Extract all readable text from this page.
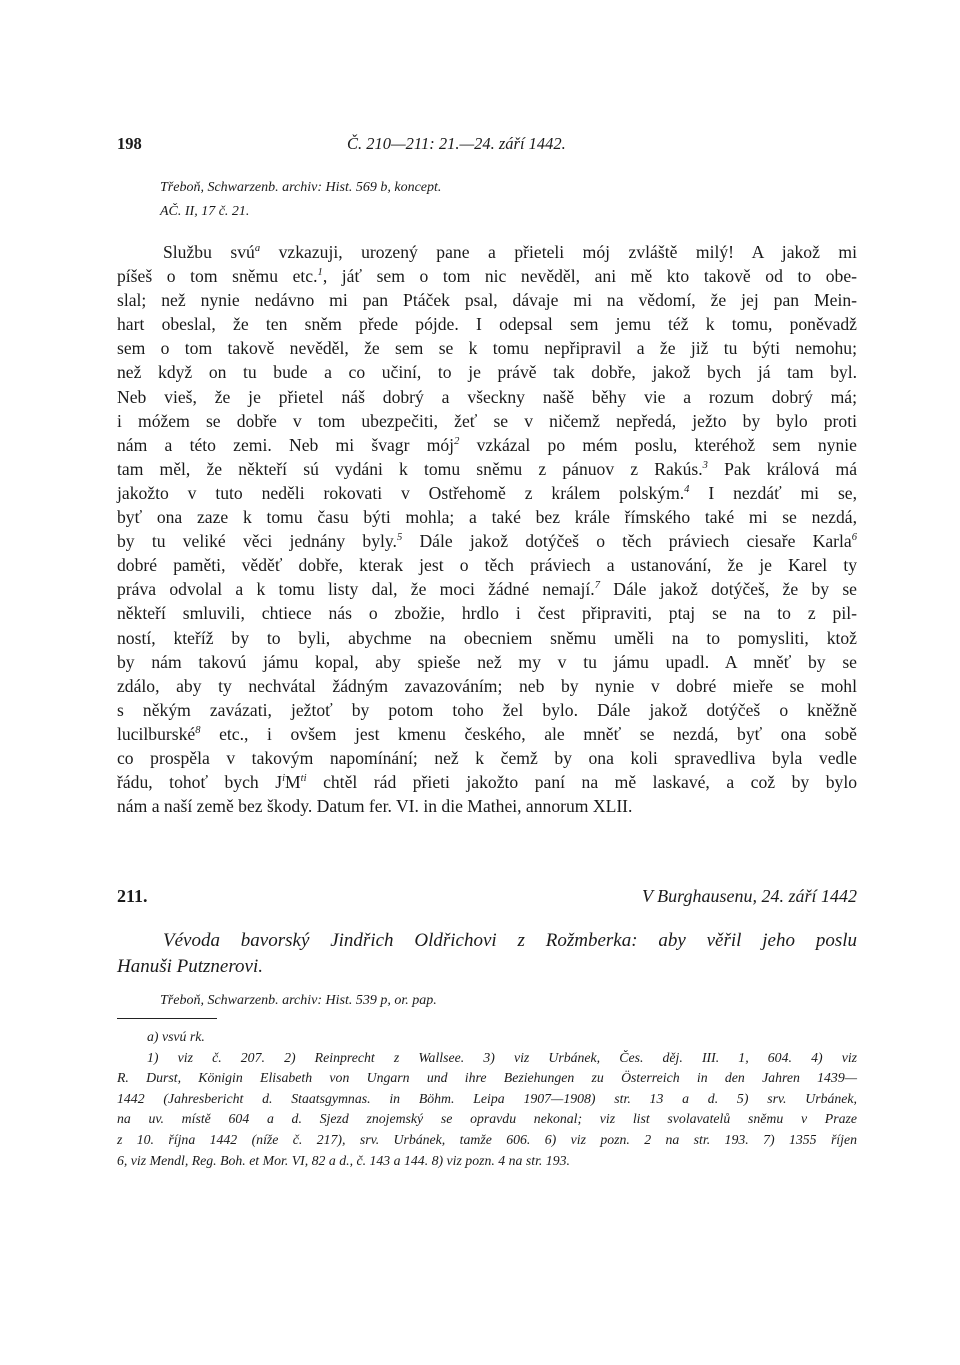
198	Č. 210—211: 21.—24. září 1442.
Třeboň, Schwarzenb. archiv: Hist. 569 b, koncept.
AČ. II, 17 č. 21.
Službu svú$^a$ vzkazuji, urozený pane a přieteli mój zvláště milý! A jakož mi
píšeš o tom sněmu etc.$^1$, jáť sem o tom nic nevěděl, ani mě kto takově od to obe-
slal; než nynie nedávno mi pan Ptáček psal, dávaje mi na vědomí, že jej pan Mein-
hart obeslal, že ten sněm přede pójde. I odepsal sem jemu též k tomu, poněvadž
sem o tom takově nevěděl, že sem se k tomu nepřipravil a že již tu býti nemohu;
než když on tu bude a co učiní, to je právě tak dobře, jakož bych já tam byl.
Neb vieš, že je přietel náš dobrý a všeckny našě běhy vie a rozum dobrý má;
i móžem se dobře v tom ubezpečiti, žeť se v ničemž nepředá, ježto by bylo proti
nám a této zemi. Neb mi švagr mój$^2$ vzkázal po mém poslu, kteréhož sem nynie
tam měl, že někteří sú vydáni k tomu sněmu z pánuov z Rakús.$^3$ Pak králová má
jakožto v tuto neděli rokovati v Ostřehomě z králem polským.$^4$ I nezdáť mi se,
byť ona zaze k tomu času býti mohla; a také bez krále římského také mi se nezdá,
by tu veliké věci jednány byly.$^5$ Dále jakož dotýčeš o těch práviech ciesaře Karla$^6$
dobré paměti, věděť dobře, kterak jest o těch práviech a ustanování, že je Karel ty
práva odvolal a k tomu listy dal, že moci žádné nemají.$^7$ Dále jakož dotýčeš, že by se
někteří smluvili, chtiece nás o zbožie, hrdlo i čest připraviti, ptaj se na to z pil-
ností, kteříž by to byli, abychme na obecniem sněmu uměli na to pomysliti, ktož
by nám takovú jámu kopal, aby spieše než my v tu jámu upadl. A mněť by se
zdálo, aby ty nechvátal žádným zavazováním; neb by nynie v dobré mieře se mohl
s někým zavázati, ježtoť by potom toho žel bylo. Dále jakož dotýčeš o kněžně
lucilburské$^8$ etc., i ovšem jest kmenu českého, ale mněť se nezdá, byť ona sobě
co prospěla v takovým napomínání; než k čemž by ona koli spravedliva byla vedle
řádu, tohoť bych $J^iM^{ti}$ chtěl rád přieti jakožto paní na mě laskavé, a což by bylo
nám a naší země bez škody. Datum fer. VI. in die Mathei, annorum XLII.
211.	V Burghausenu, 24. září 1442
Vévoda bavorský Jindřich Oldřichovi z Rožmberka: aby věřil jeho poslu
Hanuši Putznerovi.
Třeboň, Schwarzenb. archiv: Hist. 539 p, or. pap.
a) vsvú rk.
1) viz č. 207. 2) Reinprecht z Wallsee. 3) viz Urbánek, Čes. děj. III. 1, 604. 4) viz
R. Durst, Königin Elisabeth von Ungarn und ihre Beziehungen zu Österreich in den Jahren 1439—
1442 (Jahresbericht d. Staatsgymnas. in Böhm. Leipa 1907—1908) str. 13 a d. 5) srv. Urbánek,
na uv. místě 604 a d. Sjezd znojemský se opravdu nekonal; viz list svolavatelů sněmu v Praze
z 10. října 1442 (níže č. 217), srv. Urbánek, tamže 606. 6) viz pozn. 2 na str. 193. 7) 1355 říjen
6, viz Mendl, Reg. Boh. et Mor. VI, 82 a d., č. 143 a 144. 8) viz pozn. 4 na str. 193.
